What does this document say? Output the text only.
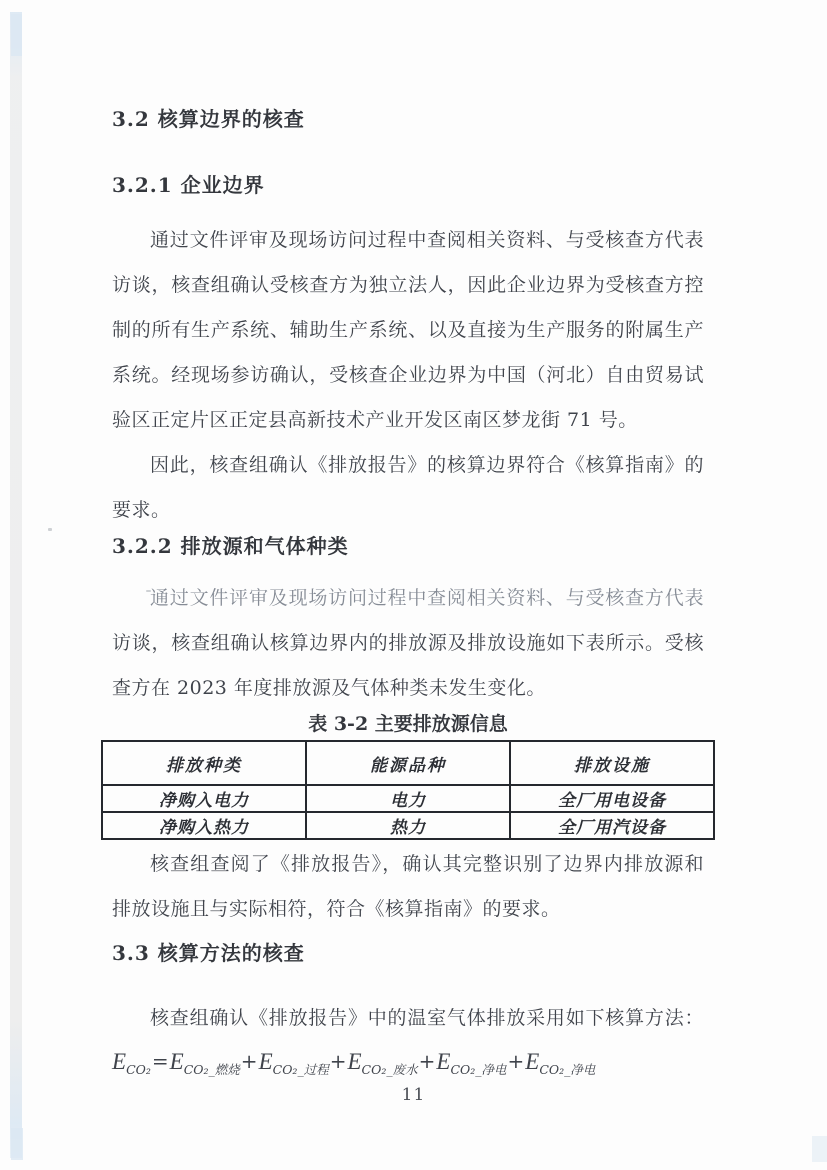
3.2 核算边界的核查
3.2.1 企业边界
通过文件评审及现场访问过程中查阅相关资料、与受核查方代表
访谈，核查组确认受核查方为独立法人，因此企业边界为受核查方控
制的所有生产系统、辅助生产系统、以及直接为生产服务的附属生产
系统。经现场参访确认，受核查企业边界为中国（河北）自由贸易试
验区正定片区正定县高新技术产业开发区南区梦龙街 71 号。
因此，核查组确认《排放报告》的核算边界符合《核算指南》的
要求。
3.2.2 排放源和气体种类
通过文件评审及现场访问过程中查阅相关资料、与受核查方代表
访谈，核查组确认核算边界内的排放源及排放设施如下表所示。受核
查方在 2023 年度排放源及气体种类未发生变化。
表 3-2 主要排放源信息
排放种类	能源品种	排放设施
净购入电力	电力	全厂用电设备
净购入热力	热力	全厂用汽设备
核查组查阅了《排放报告》，确认其完整识别了边界内排放源和
排放设施且与实际相符，符合《核算指南》的要求。
3.3 核算方法的核查
核查组确认《排放报告》中的温室气体排放采用如下核算方法：
$E_{CO_2}=E_{CO_2\_燃烧}+E_{CO_2\_过程}+E_{CO_2\_废水}+E_{CO_2\_净电}+E_{CO_2\_净电}$
11
